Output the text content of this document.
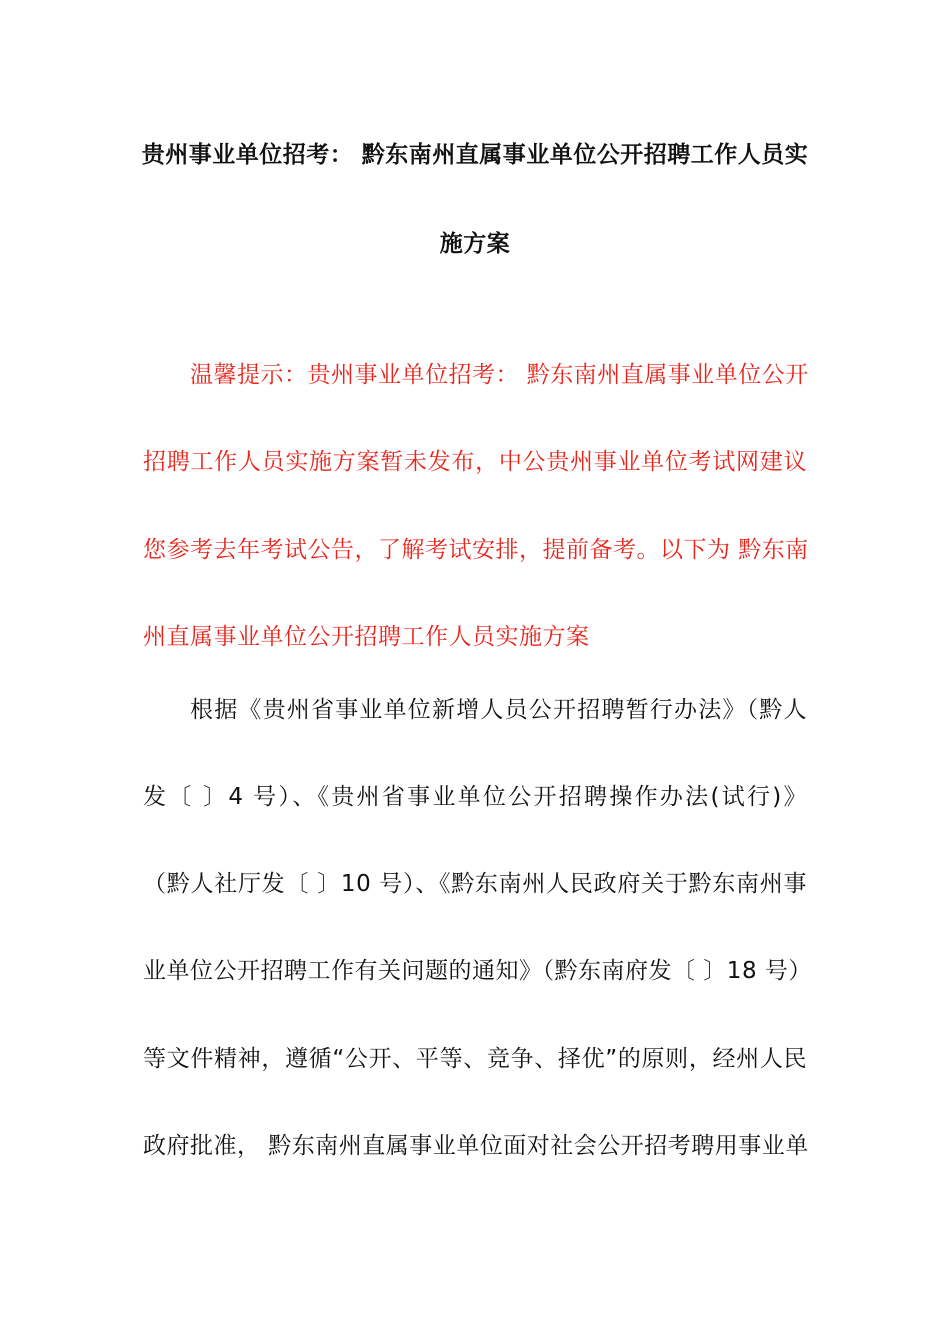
贵州事业单位招考： 黔东南州直属事业单位公开招聘工作人员实
施方案
温馨提示：贵州事业单位招考： 黔东南州直属事业单位公开
招聘工作人员实施方案暂未发布，中公贵州事业单位考试网建议
您参考去年考试公告，了解考试安排，提前备考。以下为 黔东南
州直属事业单位公开招聘工作人员实施方案
根据《贵州省事业单位新增人员公开招聘暂行办法》（黔人
发〔 〕4 号）、《贵州省事业单位公开招聘操作办法(试行)》
（黔人社厅发〔 〕10 号）、《黔东南州人民政府关于黔东南州事
业单位公开招聘工作有关问题的通知》（黔东南府发〔 〕18 号）
等文件精神，遵循“公开、平等、竞争、择优”的原则，经州人民
政府批准， 黔东南州直属事业单位面对社会公开招考聘用事业单
